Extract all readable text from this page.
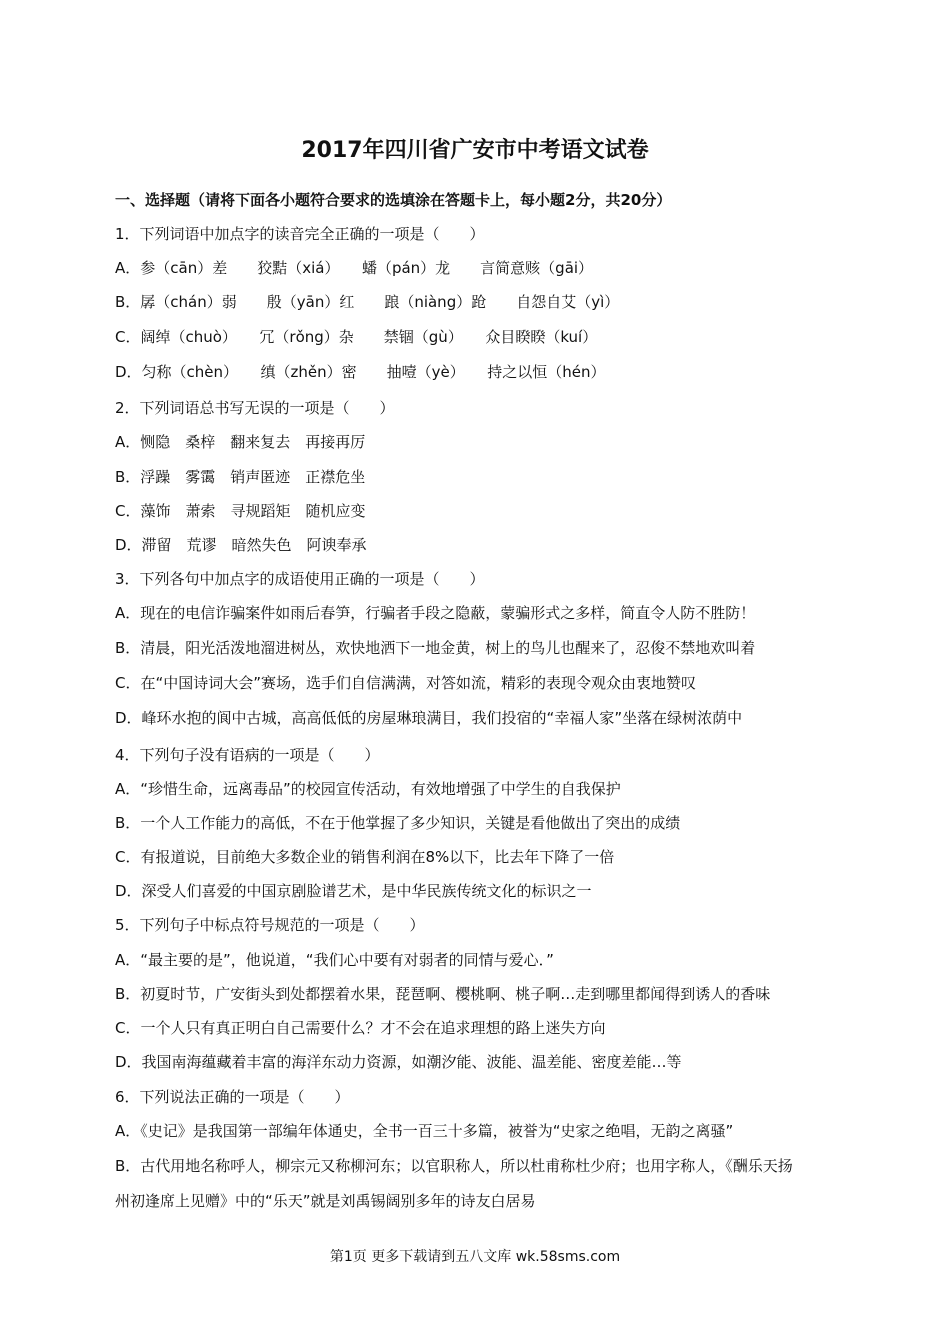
2017年四川省广安市中考语文试卷
一、选择题（请将下面各小题符合要求的选填涂在答题卡上，每小题2分，共20分）
1．下列词语中加点字的读音完全正确的一项是（　　）
A．参（cān）差　　狡黠（xiá）　　蟠（pán）龙　　言简意赅（gāi）
B．孱（chán）弱　　殷（yān）红　　踉（niàng）跄　　自怨自艾（yì）
C．阔绰（chuò）　　冗（rǒng）杂　　禁锢（gù）　　众目睽睽（kuí）
D．匀称（chèn）　　缜（zhěn）密　　抽噎（yè）　　持之以恒（hén）
2．下列词语总书写无误的一项是（　　）
A．恻隐　桑梓　翻来复去　再接再厉
B．浮躁　雾霭　销声匿迹　正襟危坐
C．藻饰　萧索　寻规蹈矩　随机应变
D．滞留　荒谬　暗然失色　阿谀奉承
3．下列各句中加点字的成语使用正确的一项是（　　）
A．现在的电信诈骗案件如雨后春笋，行骗者手段之隐蔽，蒙骗形式之多样，简直令人防不胜防！
B．清晨，阳光活泼地溜进树丛，欢快地洒下一地金黄，树上的鸟儿也醒来了，忍俊不禁地欢叫着
C．在“中国诗词大会”赛场，选手们自信满满，对答如流，精彩的表现令观众由衷地赞叹
D．峰环水抱的阆中古城，高高低低的房屋琳琅满目，我们投宿的“幸福人家”坐落在绿树浓荫中
4．下列句子没有语病的一项是（　　）
A．“珍惜生命，远离毒品”的校园宣传活动，有效地增强了中学生的自我保护
B．一个人工作能力的高低，不在于他掌握了多少知识，关键是看他做出了突出的成绩
C．有报道说，目前绝大多数企业的销售利润在8%以下，比去年下降了一倍
D．深受人们喜爱的中国京剧脸谱艺术，是中华民族传统文化的标识之一
5．下列句子中标点符号规范的一项是（　　）
A．“最主要的是”，他说道，“我们心中要有对弱者的同情与爱心．”
B．初夏时节，广安街头到处都摆着水果，琵琶啊、樱桃啊、桃子啊…走到哪里都闻得到诱人的香味
C．一个人只有真正明白自己需要什么？才不会在追求理想的路上迷失方向
D．我国南海蕴藏着丰富的海洋东动力资源，如潮汐能、波能、温差能、密度差能…等
6．下列说法正确的一项是（　　）
A．《史记》是我国第一部编年体通史，全书一百三十多篇，被誉为“史家之绝唱，无韵之离骚”
B．古代用地名称呼人，柳宗元又称柳河东；以官职称人，所以杜甫称杜少府；也用字称人，《酬乐天扬
州初逢席上见赠》中的“乐天”就是刘禹锡阔别多年的诗友白居易
第1页 更多下载请到五八文库 wk.58sms.com
